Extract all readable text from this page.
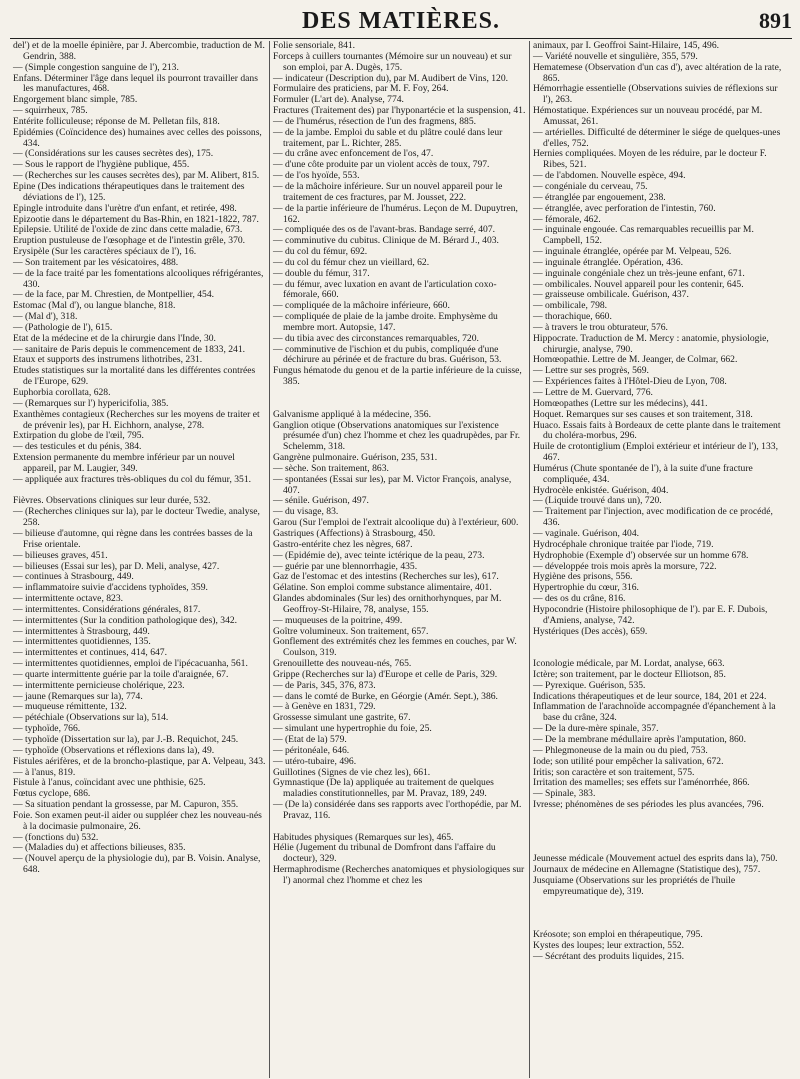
DES MATIÈRES.	891

del') et de la moelle épinière, par J. Abercombie, traduction de M. Gendrin, 388.

— (Simple congestion sanguine de l'), 213.

Enfans. Déterminer l'âge dans lequel ils pourront travailler dans les manufactures, 468.

Engorgement blanc simple, 785.

— squirrheux, 785.

Entérite folliculeuse; réponse de M. Pelletan fils, 818.

Epidémies (Coïncidence des) humaines avec celles des poissons, 434.

— (Considérations sur les causes secrètes des), 175.

— Sous le rapport de l'hygiène publique, 455.

— (Recherches sur les causes secrètes des), par M. Alibert, 815.

Epine (Des indications thérapeutiques dans le traitement des déviations de l'), 125.

Epingle introduite dans l'urètre d'un enfant, et retirée, 498.

Epizootie dans le département du Bas-Rhin, en 1821-1822, 787.

Epilepsie. Utilité de l'oxide de zinc dans cette maladie, 673.

Eruption pustuleuse de l'œsophage et de l'intestin grêle, 370.

Erysipèle (Sur les caractères spéciaux de l'), 16.

— Son traitement par les vésicatoires, 488.

— de la face traité par les fomentations alcooliques réfrigérantes, 430.

— de la face, par M. Chrestien, de Montpellier, 454.

Estomac (Mal d'), ou langue blanche, 818.

— (Mal d'), 318.

— (Pathologie de l'), 615.

Etat de la médecine et de la chirurgie dans l'Inde, 30.

— sanitaire de Paris depuis le commencement de 1833, 241.

Etaux et supports des instrumens lithotribes, 231.

Etudes statistiques sur la mortalité dans les différentes contrées de l'Europe, 629.

Euphorbia corollata, 628.

— (Remarques sur l') hypericifolia, 385.

Exanthèmes contagieux (Recherches sur les moyens de traiter et de prévenir les), par H. Eichhorn, analyse, 278.

Extirpation du globe de l'œil, 795.

— des testicules et du pénis, 384.

Extension permanente du membre inférieur par un nouvel appareil, par M. Laugier, 349.

— appliquée aux fractures très-obliques du col du fémur, 351.

Fièvres. Observations cliniques sur leur durée, 532.

— (Recherches cliniques sur la), par le docteur Twedie, analyse, 258.

— bilieuse d'automne, qui règne dans les contrées basses de la Frise orientale.

— bilieuses graves, 451.

— bilieuses (Essai sur les), par D. Meli, analyse, 427.

— continues à Strasbourg, 449.

— inflammatoire suivie d'accidens typhoïdes, 359.

— intermittente octave, 823.

— intermittentes. Considérations générales, 817.

— intermittentes (Sur la condition pathologique des), 342.

— intermittentes à Strasbourg, 449.

— intermittentes quotidiennes, 135.

— intermittentes et continues, 414, 647.

— intermittentes quotidiennes, emploi de l'ipécacuanha, 561.

— quarte intermittente guérie par la toile d'araignée, 67.

— intermittente pernicieuse cholérique, 223.

— jaune (Remarques sur la), 774.

— muqueuse rémittente, 132.

— pétéchiale (Observations sur la), 514.

— typhoïde, 766.

— typhoïde (Dissertation sur la), par J.-B. Requichot, 245.

— typhoïde (Observations et réflexions dans la), 49.

Fistules aérifères, et de la broncho-plastique, par A. Velpeau, 343.

— à l'anus, 819.

Fistule à l'anus, coïncidant avec une phthisie, 625.

Fœtus cyclope, 686.

— Sa situation pendant la grossesse, par M. Capuron, 355.

Foie. Son examen peut-il aider ou suppléer chez les nouveau-nés à la docimasie pulmonaire, 26.

— (fonctions du) 532.

— (Maladies du) et affections bilieuses, 835.

— (Nouvel aperçu de la physiologie du), par B. Voisin. Analyse, 648.

Folie sensoriale, 841.

Forceps à cuillers tournantes (Mémoire sur un nouveau) et sur son emploi, par A. Dugès, 175.

— indicateur (Description du), par M. Audibert de Vins, 120.

Formulaire des praticiens, par M. F. Foy, 264.

Formuler (L'art de). Analyse, 774.

Fractures (Traitement des) par l'hyponartécie et la suspension, 41.

— de l'humérus, résection de l'un des fragmens, 885.

— de la jambe. Emploi du sable et du plâtre coulé dans leur traitement, par L. Richter, 285.

— du crâne avec enfoncement de l'os, 47.

— d'une côte produite par un violent accès de toux, 797.

— de l'os hyoïde, 553.

— de la mâchoire inférieure. Sur un nouvel appareil pour le traitement de ces fractures, par M. Jousset, 222.

— de la partie inférieure de l'humérus. Leçon de M. Dupuytren, 162.

— compliquée des os de l'avant-bras. Bandage serré, 407.

— comminutive du cubitus. Clinique de M. Bérard J., 403.

— du col du fémur, 692.

— du col du fémur chez un vieillard, 62.

— double du fémur, 317.

— du fémur, avec luxation en avant de l'articulation coxo-fémorale, 660.

— compliquée de la mâchoire inférieure, 660.

— compliquée de plaie de la jambe droite. Emphysème du membre mort. Autopsie, 147.

— du tibia avec des circonstances remarquables, 720.

— comminutive de l'ischion et du pubis, compliquée d'une déchirure au périnée et de fracture du bras. Guérison, 53.

Fungus hématode du genou et de la partie inférieure de la cuisse, 385.

Galvanisme appliqué à la médecine, 356.

Ganglion otique (Observations anatomiques sur l'existence présumée d'un) chez l'homme et chez les quadrupèdes, par Fr. Schelemm, 318.

Gangrène pulmonaire. Guérison, 235, 531.

— sèche. Son traitement, 863.

— spontanées (Essai sur les), par M. Victor François, analyse, 407.

— sénile. Guérison, 497.

— du visage, 83.

Garou (Sur l'emploi de l'extrait alcoolique du) à l'extérieur, 600.

Gastriques (Affections) à Strasbourg, 450.

Gastro-entérite chez les nègres, 687.

— (Epidémie de), avec teinte ictérique de la peau, 273.

— guérie par une blennorrhagie, 435.

Gaz de l'estomac et des intestins (Recherches sur les), 617.

Gélatine. Son emploi comme substance alimentaire, 401.

Glandes abdominales (Sur les) des ornithorhynques, par M. Geoffroy-St-Hilaire, 78, analyse, 155.

— muqueuses de la poitrine, 499.

Goître volumineux. Son traitement, 657.

Gonflement des extrémités chez les femmes en couches, par W. Coulson, 319.

Grenouillette des nouveau-nés, 765.

Grippe (Recherches sur la) d'Europe et celle de Paris, 329.

— de Paris, 345, 376, 873.

— dans le comté de Burke, en Géorgie (Amér. Sept.), 386.

— à Genève en 1831, 729.

Grossesse simulant une gastrite, 67.

— simulant une hypertrophie du foie, 25.

— (Etat de la) 579.

— péritonéale, 646.

— utéro-tubaire, 496.

Guillotines (Signes de vie chez les), 661.

Gymnastique (De la) appliquée au traitement de quelques maladies constitutionnelles, par M. Pravaz, 189, 249.

— (De la) considérée dans ses rapports avec l'orthopédie, par M. Pravaz, 116.

Habitudes physiques (Remarques sur les), 465.

Hélie (Jugement du tribunal de Domfront dans l'affaire du docteur), 329.

Hermaphrodisme (Recherches anatomiques et physiologiques sur l') anormal chez l'homme et chez les

animaux, par I. Geoffroi Saint-Hilaire, 145, 496.

— Variété nouvelle et singulière, 355, 579.

Hematemese (Observation d'un cas d'), avec altération de la rate, 865.

Hémorrhagie essentielle (Observations suivies de réflexions sur l'), 263.

Hémostatique. Expériences sur un nouveau procédé, par M. Amussat, 261.

— artérielles. Difficulté de déterminer le siége de quelques-unes d'elles, 752.

Hernies compliquées. Moyen de les réduire, par le docteur F. Ribes, 521.

— de l'abdomen. Nouvelle espèce, 494.

— congéniale du cerveau, 75.

— étranglée par engouement, 238.

— étranglée, avec perforation de l'intestin, 760.

— fémorale, 462.

— inguinale engouée. Cas remarquables recueillis par M. Campbell, 152.

— inguinale étranglée, opérée par M. Velpeau, 526.

— inguinale étranglée. Opération, 436.

— inguinale congéniale chez un très-jeune enfant, 671.

— ombilicales. Nouvel appareil pour les contenir, 645.

— graisseuse ombilicale. Guérison, 437.

— ombilicale, 798.

— thorachique, 660.

— à travers le trou obturateur, 576.

Hippocrate. Traduction de M. Mercy : anatomie, physiologie, chirurgie, analyse, 790.

Homœopathie. Lettre de M. Jeanger, de Colmar, 662.

— Lettre sur ses progrès, 569.

— Expériences faites à l'Hôtel-Dieu de Lyon, 708.

— Lettre de M. Guervard, 776.

Homœopathes (Lettre sur les médecins), 441.

Hoquet. Remarques sur ses causes et son traitement, 318.

Huaco. Essais faits à Bordeaux de cette plante dans le traitement du choléra-morbus, 296.

Huile de crotontiglium (Emploi extérieur et intérieur de l'), 133, 467.

Humérus (Chute spontanée de l'), à la suite d'une fracture compliquée, 434.

Hydrocèle enkistée. Guérison, 404.

— (Liquide trouvé dans un), 720.

— Traitement par l'injection, avec modification de ce procédé, 436.

— vaginale. Guérison, 404.

Hydrocéphale chronique traitée par l'iode, 719.

Hydrophobie (Exemple d') observée sur un homme 678.

— développée trois mois après la morsure, 722.

Hygiène des prisons, 556.

Hypertrophie du cœur, 316.

— des os du crâne, 816.

Hypocondrie (Histoire philosophique de l'). par E. F. Dubois, d'Amiens, analyse, 742.

Hystériques (Des accès), 659.

Iconologie médicale, par M. Lordat, analyse, 663.

Ictère; son traitement, par le docteur Elliotson, 85.

— Pyrexique. Guérison, 535.

Indications thérapeutiques et de leur source, 184, 201 et 224.

Inflammation de l'arachnoïde accompagnée d'épanchement à la base du crâne, 324.

— De la dure-mère spinale, 357.

— De la membrane médullaire après l'amputation, 860.

— Phlegmoneuse de la main ou du pied, 753.

Iode; son utilité pour empêcher la salivation, 672.

Iritis; son caractère et son traitement, 575.

Irritation des mamelles; ses effets sur l'aménorrhée, 866.

— Spinale, 383.

Ivresse; phénomènes de ses périodes les plus avancées, 796.

Jeunesse médicale (Mouvement actuel des esprits dans la), 750.

Journaux de médecine en Allemagne (Statistique des), 757.

Jusquiame (Observations sur les propriétés de l'huile empyreumatique de), 319.

Kréosote; son emploi en thérapeutique, 795.

Kystes des loupes; leur extraction, 552.

— Sécrétant des produits liquides, 215.
